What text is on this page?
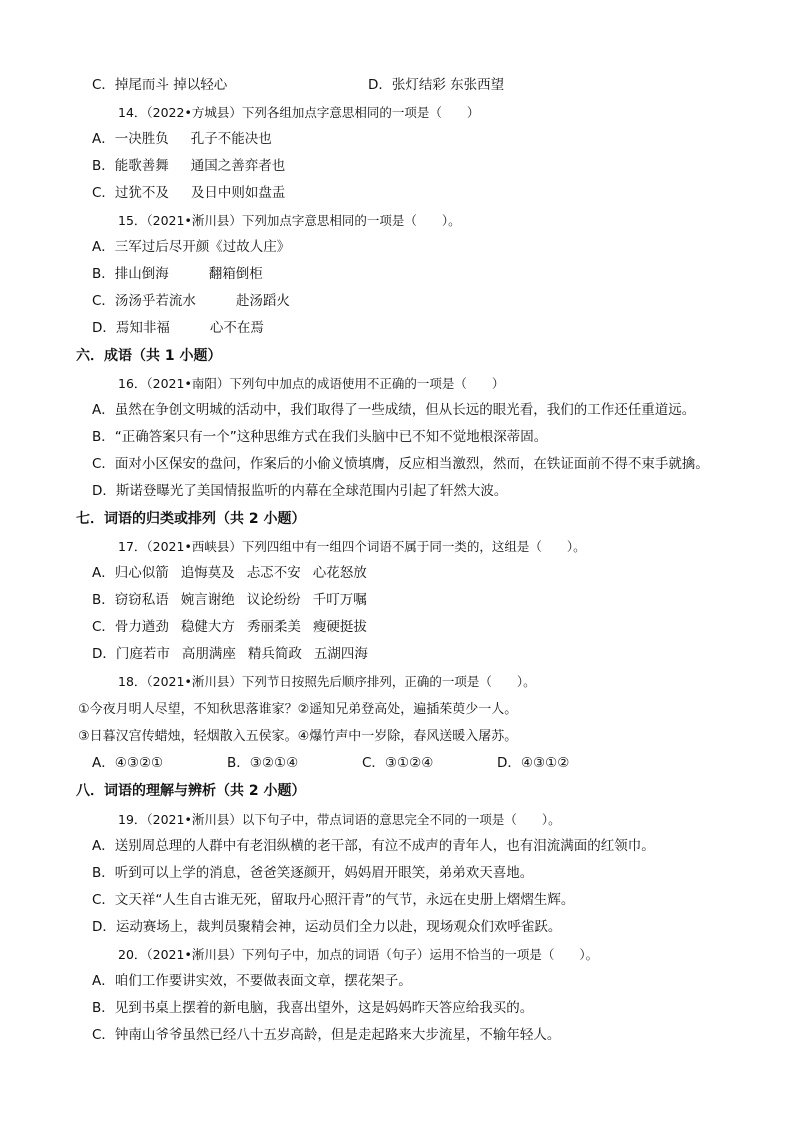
C．掉尾而斗 掉以轻心	D．张灯结彩 东张西望
14．（2022•方城县）下列各组加点字意思相同的一项是（　　）
A．一决胜负 孔子不能决也
B．能歌善舞 通国之善弈者也
C．过犹不及 及日中则如盘盂
15．（2021•淅川县）下列加点字意思相同的一项是（　　）。
A．三军过后尽开颜《过故人庄》
B．排山倒海	翻箱倒柜
C．汤汤乎若流水	赴汤蹈火
D．焉知非福	心不在焉
六．成语（共 1 小题）
16．（2021•南阳）下列句中加点的成语使用不正确的一项是（　　）
A．虽然在争创文明城的活动中，我们取得了一些成绩，但从长远的眼光看，我们的工作还任重道远。
B．“正确答案只有一个”这种思维方式在我们头脑中已不知不觉地根深蒂固。
C．面对小区保安的盘问，作案后的小偷义愤填膺，反应相当激烈，然而，在铁证面前不得不束手就擒。
D．斯诺登曝光了美国情报监听的内幕在全球范围内引起了轩然大波。
七．词语的归类或排列（共 2 小题）
17．（2021•西峡县）下列四组中有一组四个词语不属于同一类的，这组是（　　）。
A．归心似箭 追悔莫及 忐忑不安 心花怒放
B．窃窃私语 婉言谢绝 议论纷纷 千叮万嘱
C．骨力遒劲 稳健大方 秀丽柔美 瘦硬挺拔
D．门庭若市 高朋满座 精兵简政 五湖四海
18．（2021•淅川县）下列节日按照先后顺序排列，正确的一项是（　　）。
①今夜月明人尽望，不知秋思落谁家？②遥知兄弟登高处，遍插茱萸少一人。
③日暮汉宫传蜡烛，轻烟散入五侯家。④爆竹声中一岁除，春风送暖入屠苏。
A．④③②①	B．③②①④	C．③①②④	D．④③①②
八．词语的理解与辨析（共 2 小题）
19．（2021•淅川县）以下句子中，带点词语的意思完全不同的一项是（　　）。
A．送别周总理的人群中有老泪纵横的老干部，有泣不成声的青年人，也有泪流满面的红领巾。
B．听到可以上学的消息，爸爸笑逐颜开，妈妈眉开眼笑，弟弟欢天喜地。
C．文天祥“人生自古谁无死，留取丹心照汗青”的气节，永远在史册上熠熠生辉。
D．运动赛场上，裁判员聚精会神，运动员们全力以赴，现场观众们欢呼雀跃。
20．（2021•淅川县）下列句子中，加点的词语（句子）运用不恰当的一项是（　　）。
A．咱们工作要讲实效，不要做表面文章，摆花架子。
B．见到书桌上摆着的新电脑，我喜出望外，这是妈妈昨天答应给我买的。
C．钟南山爷爷虽然已经八十五岁高龄，但是走起路来大步流星，不输年轻人。
